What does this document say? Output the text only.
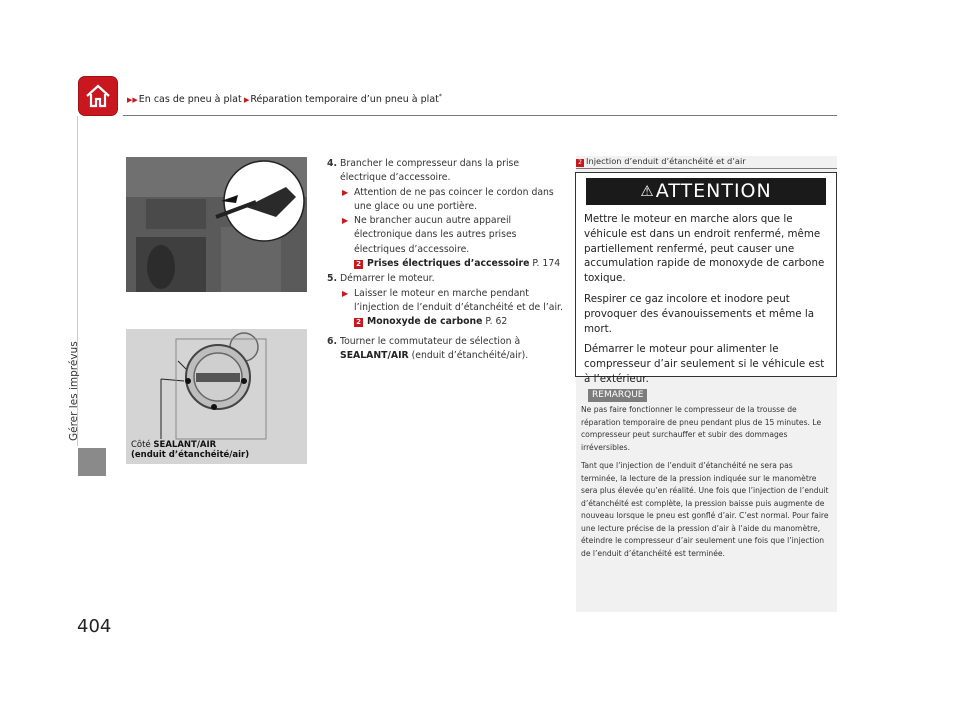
▶▶En cas de pneu à plat ▶Réparation temporaire d’un pneu à plat*
Gérer les imprévus
404
Côté SEALANT/AIR
(enduit d’étanchéité/air)
4. Brancher le compresseur dans la prise électrique d’accessoire.
▶ Attention de ne pas coincer le cordon dans une glace ou une portière.
▶ Ne brancher aucun autre appareil électronique dans les autres prises électriques d’accessoire.
2 Prises électriques d’accessoire P. 174
5. Démarrer le moteur.
▶ Laisser le moteur en marche pendant l’injection de l’enduit d’étanchéité et de l’air.
2 Monoxyde de carbone P. 62
6. Tourner le commutateur de sélection à SEALANT/AIR (enduit d’étanchéité/air).
2 Injection d’enduit d’étanchéité et d’air
⚠ATTENTION

Mettre le moteur en marche alors que le véhicule est dans un endroit renfermé, même partiellement renfermé, peut causer une accumulation rapide de monoxyde de carbone toxique.

Respirer ce gaz incolore et inodore peut provoquer des évanouissements et même la mort.

Démarrer le moteur pour alimenter le compresseur d’air seulement si le véhicule est à l’extérieur.

REMARQUE

Ne pas faire fonctionner le compresseur de la trousse de réparation temporaire de pneu pendant plus de 15 minutes. Le compresseur peut surchauffer et subir des dommages irréversibles.

Tant que l’injection de l’enduit d’étanchéité ne sera pas terminée, la lecture de la pression indiquée sur le manomètre sera plus élevée qu’en réalité. Une fois que l’injection de l’enduit d’étanchéité est complète, la pression baisse puis augmente de nouveau lorsque le pneu est gonflé d’air. C’est normal. Pour faire une lecture précise de la pression d’air à l’aide du manomètre, éteindre le compresseur d’air seulement une fois que l’injection de l’enduit d’étanchéité est terminée.
